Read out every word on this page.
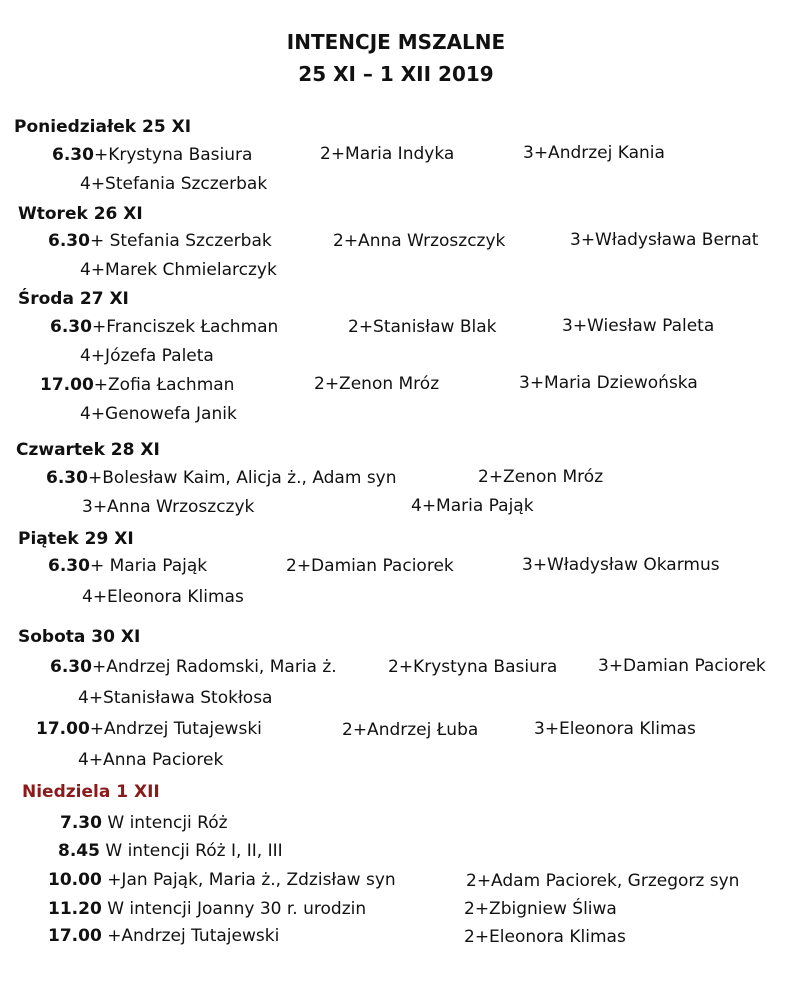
INTENCJE MSZALNE
25 XI – 1 XII 2019
Poniedziałek 25 XI
6.30+Krystyna Basiura	2+Maria Indyka	3+Andrzej Kania
4+Stefania Szczerbak
Wtorek 26 XI
6.30+ Stefania Szczerbak	2+Anna Wrzoszczyk	3+Władysława Bernat
4+Marek Chmielarczyk
Środa 27 XI
6.30+Franciszek Łachman	2+Stanisław Blak	3+Wiesław Paleta
4+Józefa Paleta
17.00+Zofia Łachman	2+Zenon Mróz	3+Maria Dziewońska
4+Genowefa Janik
Czwartek 28 XI
6.30+Bolesław Kaim, Alicja ż., Adam syn	2+Zenon Mróz
3+Anna Wrzoszczyk	4+Maria Pająk
Piątek 29 XI
6.30+ Maria Pająk	2+Damian Paciorek	3+Władysław Okarmus
4+Eleonora Klimas
Sobota 30 XI
6.30+Andrzej Radomski, Maria ż.	2+Krystyna Basiura 3+Damian Paciorek
4+Stanisława Stokłosa
17.00+Andrzej Tutajewski	2+Andrzej Łuba	3+Eleonora Klimas
4+Anna Paciorek
Niedziela 1 XII
7.30 W intencji Róż
8.45 W intencji Róż I, II, III
10.00 +Jan Pająk, Maria ż., Zdzisław syn	2+Adam Paciorek, Grzegorz syn
11.20 W intencji Joanny 30 r. urodzin	2+Zbigniew Śliwa
17.00 +Andrzej Tutajewski	2+Eleonora Klimas
